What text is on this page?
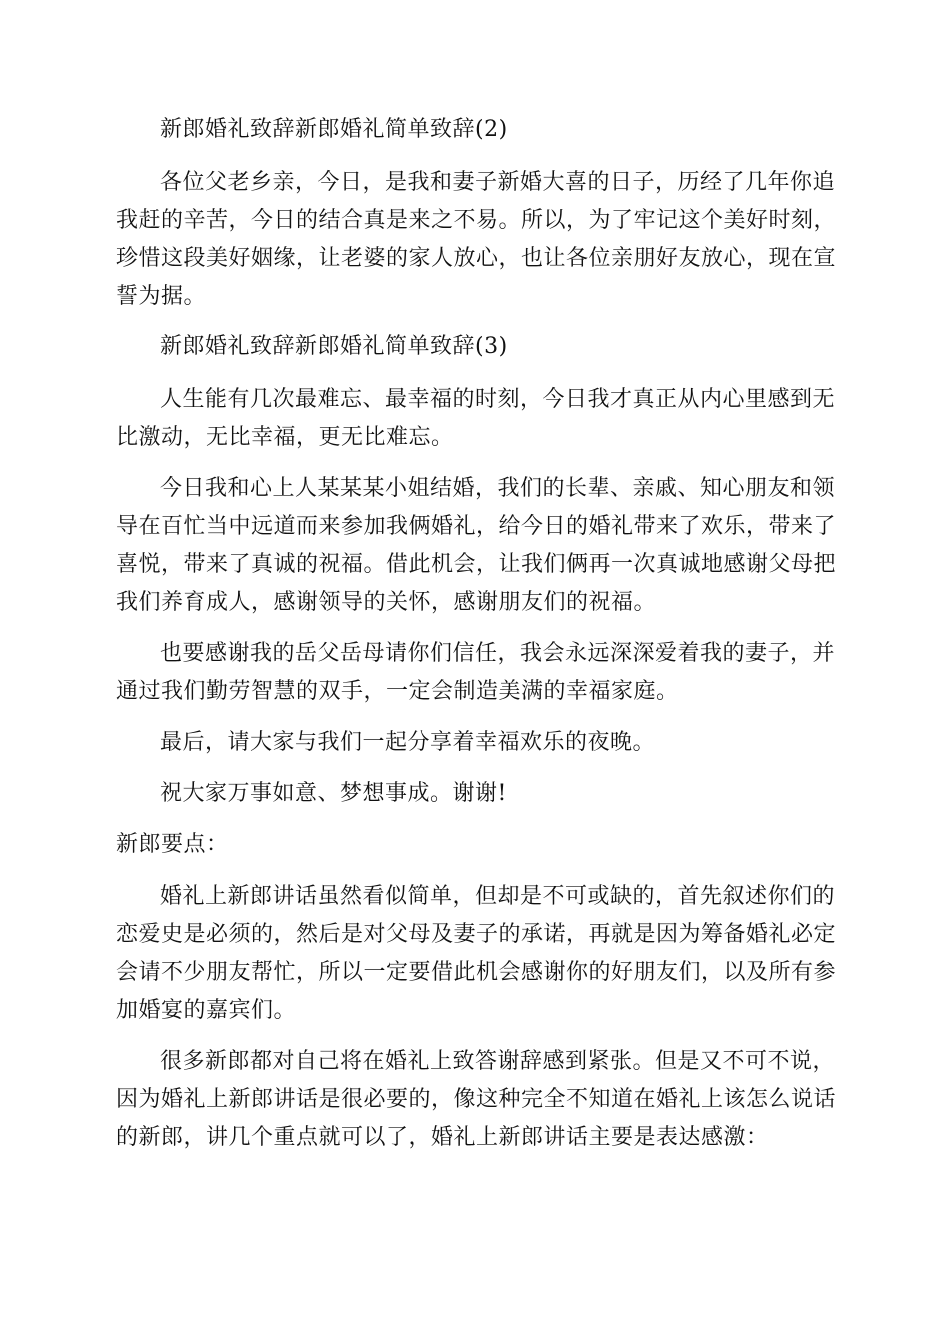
新郎婚礼致辞新郎婚礼简单致辞(2)

各位父老乡亲，今日，是我和妻子新婚大喜的日子，历经了几年你追我赶的辛苦，今日的结合真是来之不易。所以，为了牢记这个美好时刻，珍惜这段美好姻缘，让老婆的家人放心，也让各位亲朋好友放心，现在宣誓为据。

新郎婚礼致辞新郎婚礼简单致辞(3)

人生能有几次最难忘、最幸福的时刻，今日我才真正从内心里感到无比激动，无比幸福，更无比难忘。

今日我和心上人某某某小姐结婚，我们的长辈、亲戚、知心朋友和领导在百忙当中远道而来参加我俩婚礼，给今日的婚礼带来了欢乐，带来了喜悦，带来了真诚的祝福。借此机会，让我们俩再一次真诚地感谢父母把我们养育成人，感谢领导的关怀，感谢朋友们的祝福。

也要感谢我的岳父岳母请你们信任，我会永远深深爱着我的妻子，并通过我们勤劳智慧的双手，一定会制造美满的幸福家庭。

最后，请大家与我们一起分享着幸福欢乐的夜晚。

祝大家万事如意、梦想事成。谢谢!

新郎要点：

婚礼上新郎讲话虽然看似简单，但却是不可或缺的，首先叙述你们的恋爱史是必须的，然后是对父母及妻子的承诺，再就是因为筹备婚礼必定会请不少朋友帮忙，所以一定要借此机会感谢你的好朋友们，以及所有参加婚宴的嘉宾们。

很多新郎都对自己将在婚礼上致答谢辞感到紧张。但是又不可不说，因为婚礼上新郎讲话是很必要的，像这种完全不知道在婚礼上该怎么说话的新郎，讲几个重点就可以了，婚礼上新郎讲话主要是表达感激：
